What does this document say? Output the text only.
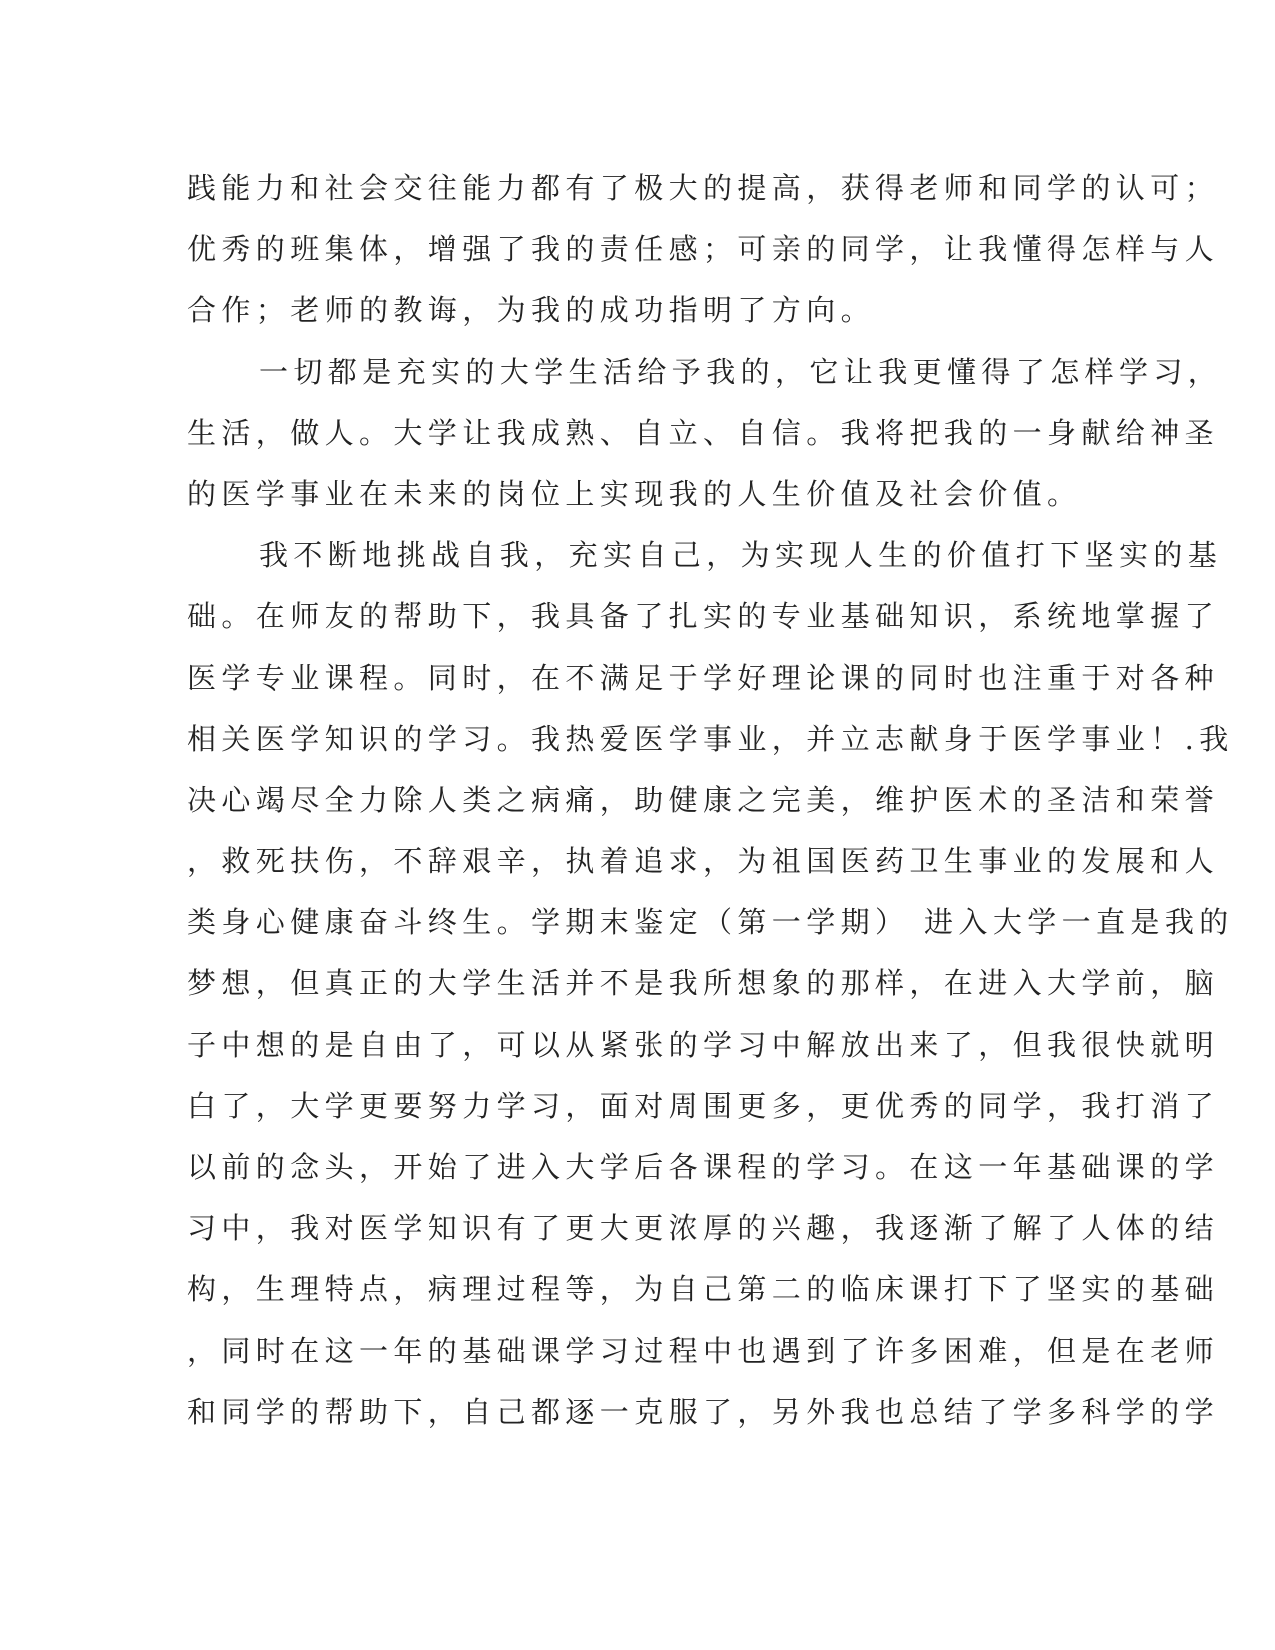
践能力和社会交往能力都有了极大的提高，获得老师和同学的认可；
优秀的班集体，增强了我的责任感；可亲的同学，让我懂得怎样与人
合作；老师的教诲，为我的成功指明了方向。
一切都是充实的大学生活给予我的，它让我更懂得了怎样学习，
生活，做人。大学让我成熟、自立、自信。我将把我的一身献给神圣
的医学事业在未来的岗位上实现我的人生价值及社会价值。
我不断地挑战自我，充实自己，为实现人生的价值打下坚实的基
础。在师友的帮助下，我具备了扎实的专业基础知识，系统地掌握了
医学专业课程。同时，在不满足于学好理论课的同时也注重于对各种
相关医学知识的学习。我热爱医学事业，并立志献身于医学事业！.我
决心竭尽全力除人类之病痛，助健康之完美，维护医术的圣洁和荣誉
，救死扶伤，不辞艰辛，执着追求，为祖国医药卫生事业的发展和人
类身心健康奋斗终生。学期末鉴定（第一学期） 进入大学一直是我的
梦想，但真正的大学生活并不是我所想象的那样，在进入大学前，脑
子中想的是自由了，可以从紧张的学习中解放出来了，但我很快就明
白了，大学更要努力学习，面对周围更多，更优秀的同学，我打消了
以前的念头，开始了进入大学后各课程的学习。在这一年基础课的学
习中，我对医学知识有了更大更浓厚的兴趣，我逐渐了解了人体的结
构，生理特点，病理过程等，为自己第二的临床课打下了坚实的基础
，同时在这一年的基础课学习过程中也遇到了许多困难，但是在老师
和同学的帮助下，自己都逐一克服了，另外我也总结了学多科学的学
